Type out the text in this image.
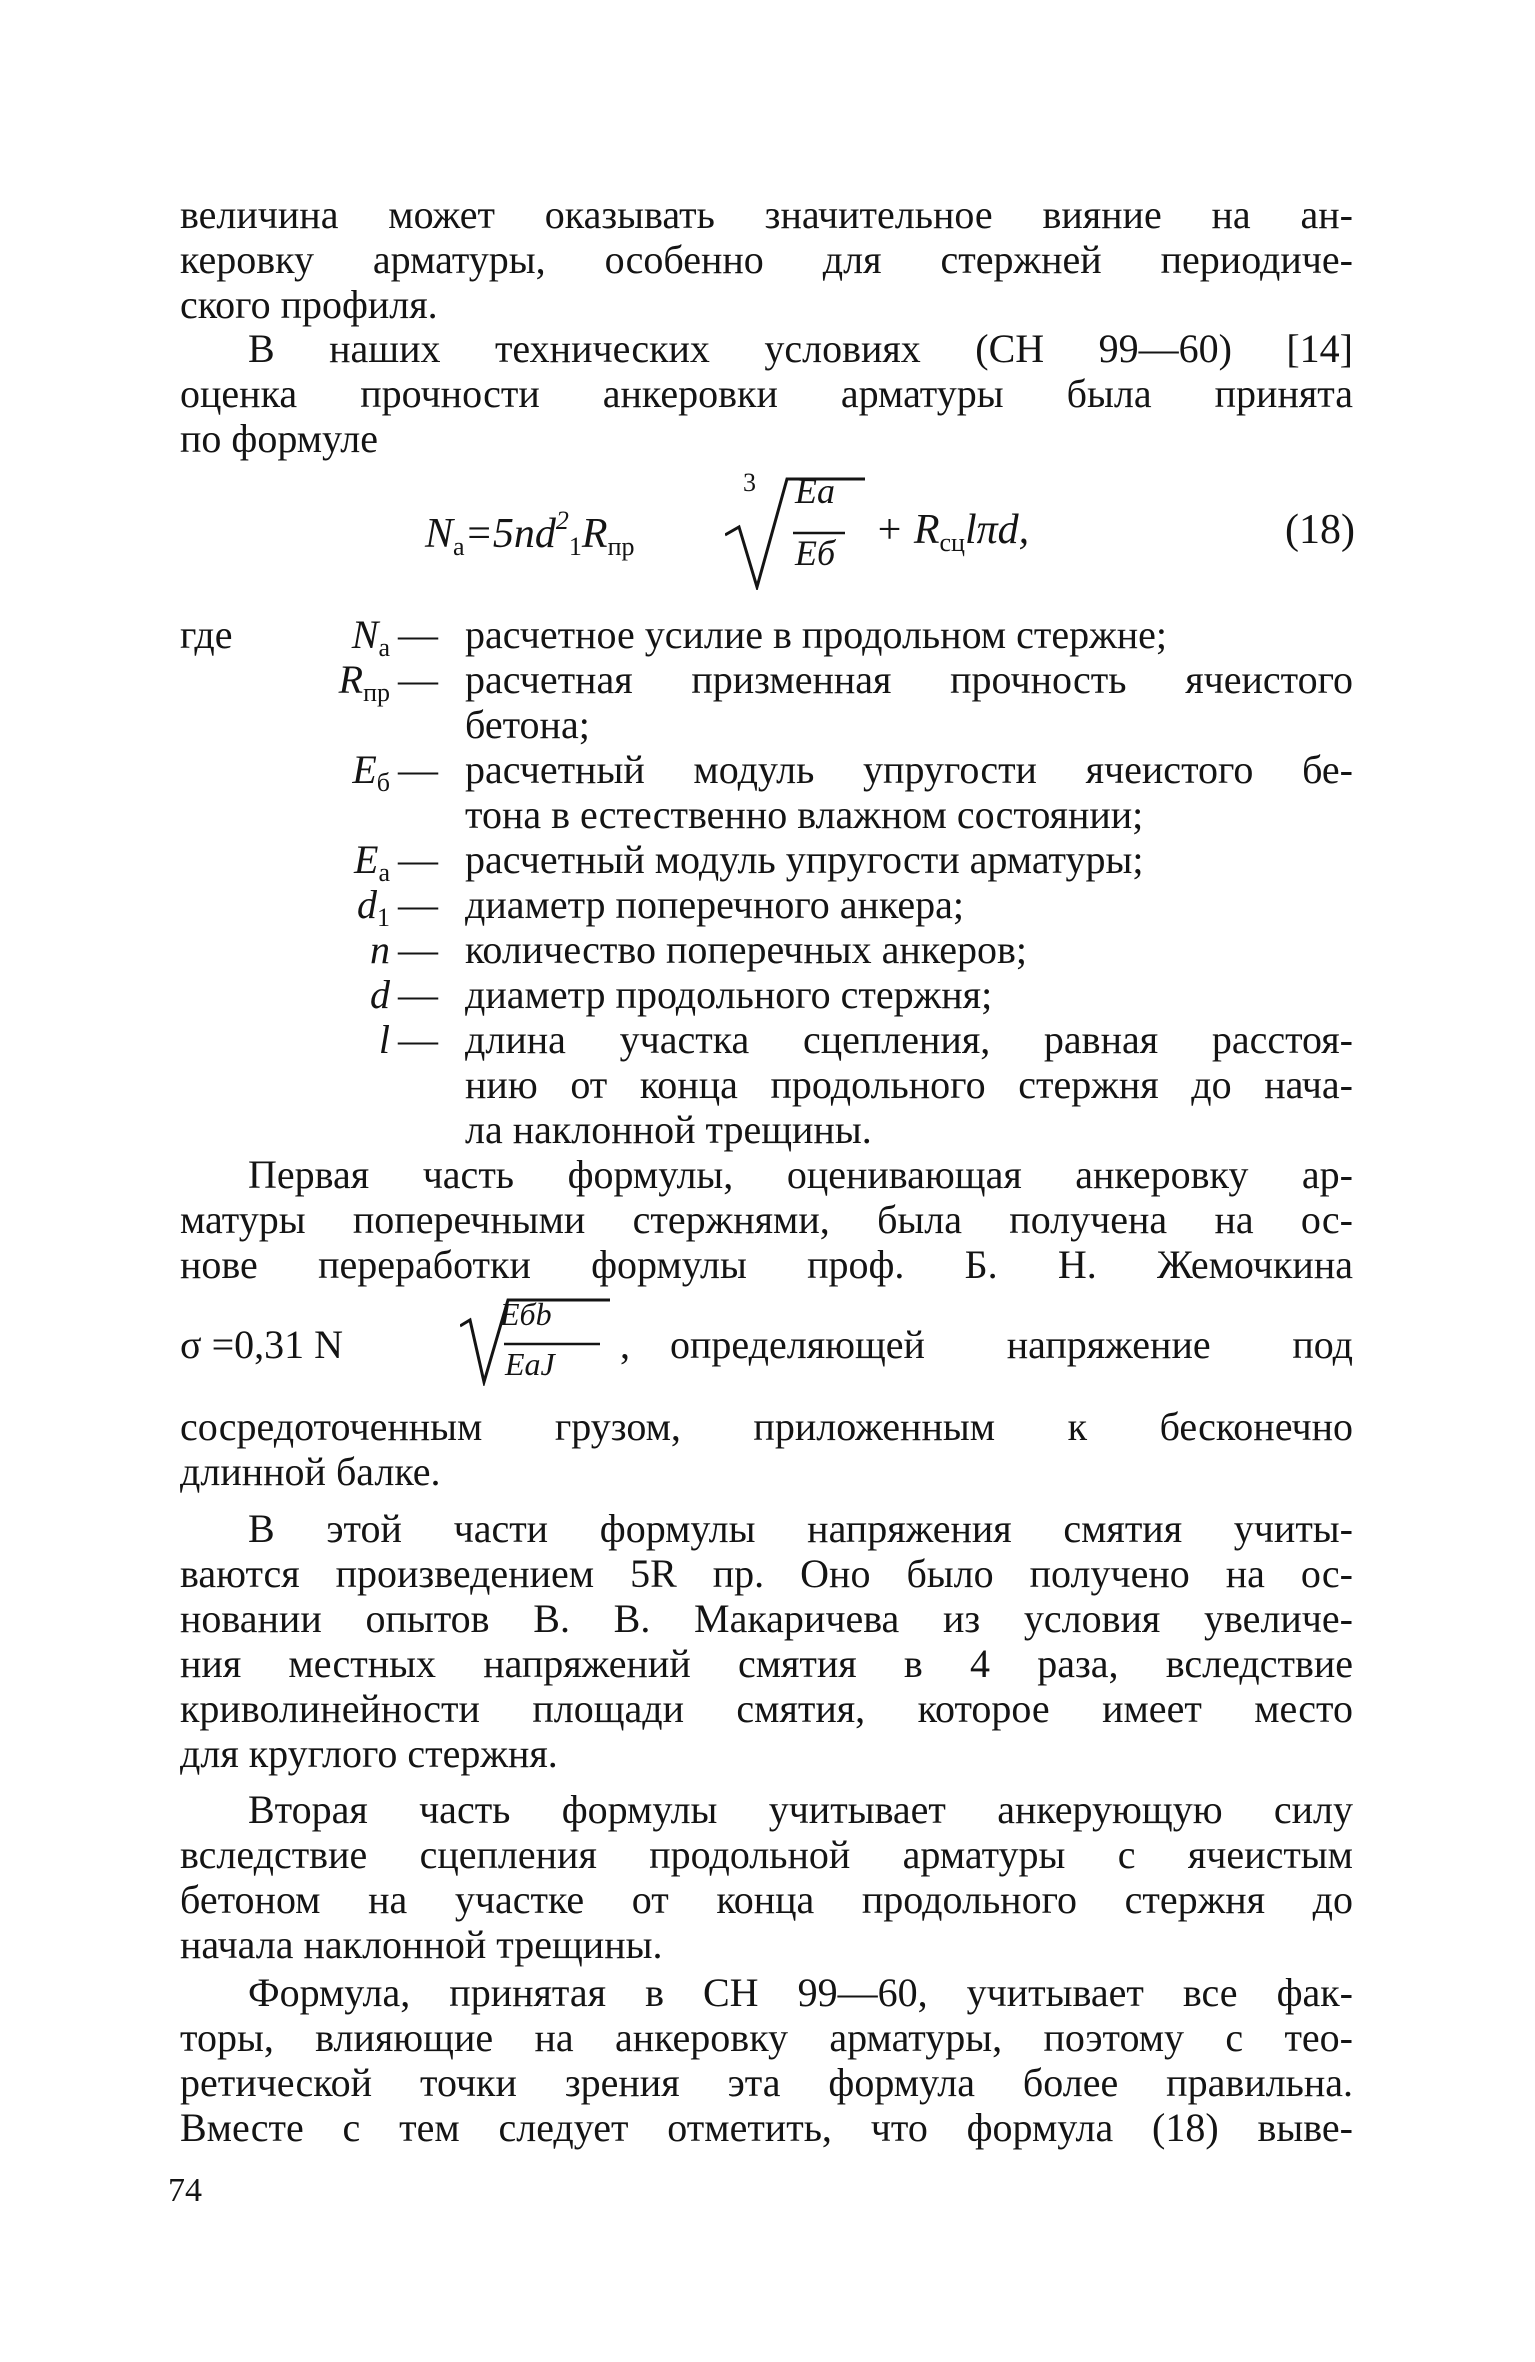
величина может оказывать значительное вияние на ан-
керовку арматуры, особенно для стержней периодиче-
ского профиля.
В наших технических условиях (СН 99—60) [14]
оценка прочности анкеровки арматуры была принята
по формуле
$N_а=5nd^2_1R_{пр}$
3 Eа
Eб + $R_{сц}l\pi d$,	(18)
где	$N_а$ — расчетное усилие в продольном стержне;
$R_{пр}$ — расчетная призменная прочность ячеистого
бетона;
$E_б$ — расчетный модуль упругости ячеистого бе-
тона в естественно влажном состоянии;
$E_а$ — расчетный модуль упругости арматуры;
$d_1$ — диаметр поперечного анкера;
n — количество поперечных анкеров;
d — диаметр продольного стержня;
l — длина участка сцепления, равная расстоя-
нию от конца продольного стержня до нача-
ла наклонной трещины.
Первая часть формулы, оценивающая анкеровку ар-
матуры поперечными стержнями, была получена на ос-
нове переработки формулы проф. Б. Н. Жемочкина
σ =0,31 N
Eбb
EаJ , определяющей напряжение под
сосредоточенным грузом, приложенным к бесконечно
длинной балке.
В этой части формулы напряжения смятия учиты-
ваются произведением 5R пр. Оно было получено на ос-
новании опытов В. В. Макаричева из условия увеличе-
ния местных напряжений смятия в 4 раза, вследствие
криволинейности площади смятия, которое имеет место
для круглого стержня.
Вторая часть формулы учитывает анкерующую силу
вследствие сцепления продольной арматуры с ячеистым
бетоном на участке от конца продольного стержня до
начала наклонной трещины.
Формула, принятая в СН 99—60, учитывает все фак-
торы, влияющие на анкеровку арматуры, поэтому с тео-
ретической точки зрения эта формула более правильна.
Вместе с тем следует отметить, что формула (18) выве-
74
